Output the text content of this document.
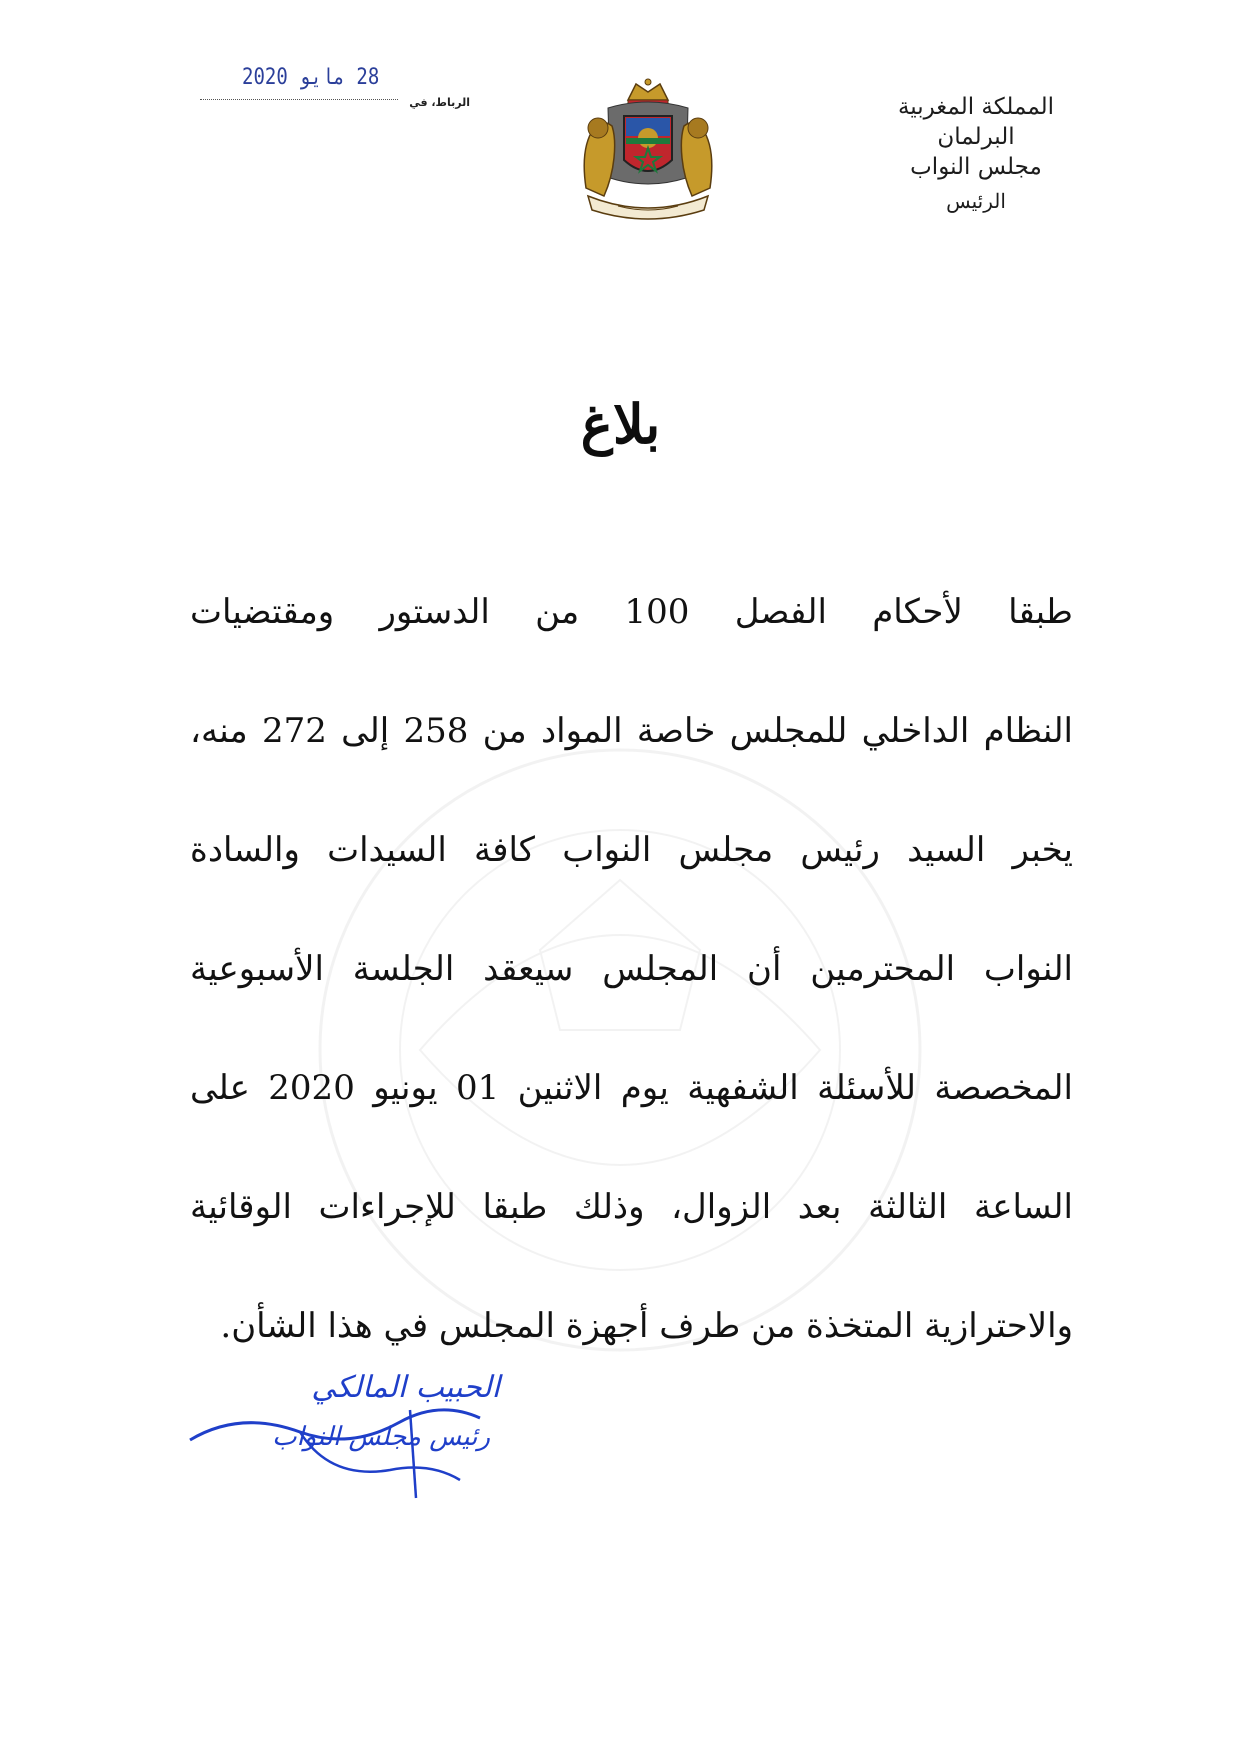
الرباط، في
28 مايو 2020
المملكة المغربية
البرلمان
مجلس النواب
الرئيس
بلاغ
طبقا لأحكام الفصل 100 من الدستور ومقتضيات
النظام الداخلي للمجلس خاصة المواد من 258 إلى 272 منه،
يخبر السيد رئيس مجلس النواب كافة السيدات والسادة
النواب المحترمين أن المجلس سيعقد الجلسة الأسبوعية
المخصصة للأسئلة الشفهية يوم الاثنين 01 يونيو 2020 على
الساعة الثالثة بعد الزوال، وذلك طبقا للإجراءات الوقائية
والاحترازية المتخذة من طرف أجهزة المجلس في هذا الشأن.
الحبيب المالكي
رئيس مجلس النواب
